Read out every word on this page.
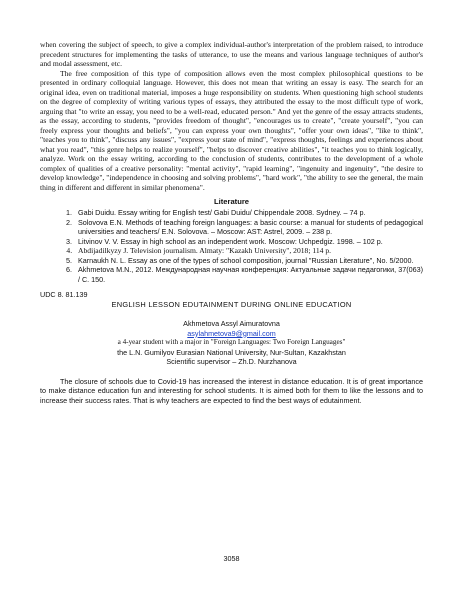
when covering the subject of speech, to give a complex individual-author's interpretation of the problem raised, to introduce precedent structures for implementing the tasks of utterance, to use the means and various language techniques of author's and modal assessment, etc.

The free composition of this type of composition allows even the most complex philosophical questions to be presented in ordinary colloquial language. However, this does not mean that writing an essay is easy. The search for an original idea, even on traditional material, imposes a huge responsibility on students. When questioning high school students on the degree of complexity of writing various types of essays, they attributed the essay to the most difficult type of work, arguing that "to write an essay, you need to be a well-read, educated person." And yet the genre of the essay attracts students, as the essay, according to students, "provides freedom of thought", "encourages us to create", "create yourself", "you can freely express your thoughts and beliefs", "you can express your own thoughts", "offer your own ideas", "like to think", "teaches you to think", "discuss any issues", "express your state of mind", "express thoughts, feelings and experiences about what you read", "this genre helps to realize yourself", "helps to discover creative abilities", "it teaches you to think logically, analyze. Work on the essay writing, according to the conclusion of students, contributes to the development of a whole complex of qualities of a creative personality: "mental activity", "rapid learning", "ingenuity and ingenuity", "the desire to develop knowledge", "independence in choosing and solving problems", "hard work", "the ability to see the general, the main thing in different and different in similar phenomena".

Literature
1. Gabi Duidu. Essay writing for English test/ Gabi Duidu/ Chippendale 2008. Sydney. – 74 p.
2. Solovova E.N. Methods of teaching foreign languages: a basic course: a manual for students of pedagogical universities and teachers/ E.N. Solovova. – Moscow: AST: Astrel, 2009. – 238 p.
3. Litvinov V. V. Essay in high school as an independent work. Moscow: Uchpedgiz. 1998. – 102 p.
4. Abdijadilkyzy J. Television journalism. Almaty: "Kazakh University", 2018; 114 p.
5. Karnaukh N. L. Essay as one of the types of school composition, journal "Russian Literature", No. 5/2000.
6. Akhmetova M.N., 2012. Международная научная конференция: Актуальные задачи педагогики, 37(063) / С. 150.
UDC 8. 81.139
ENGLISH LESSON EDUTAINMENT DURING ONLINE EDUCATION
Akhmetova Assyl Aimuratovna
asylahmetova9@gmail.com
a 4-year student with a major in "Foreign Languages: Two Foreign Languages"
the L.N. Gumilyov Eurasian National University, Nur-Sultan, Kazakhstan
Scientific supervisor – Zh.D. Nurzhanova

The closure of schools due to Covid-19 has increased the interest in distance education. It is of great importance to make distance education fun and interesting for school students. It is aimed both for them to like the lessons and to increase their success rates. That is why teachers are expected to find the best ways of edutainment.

3058
